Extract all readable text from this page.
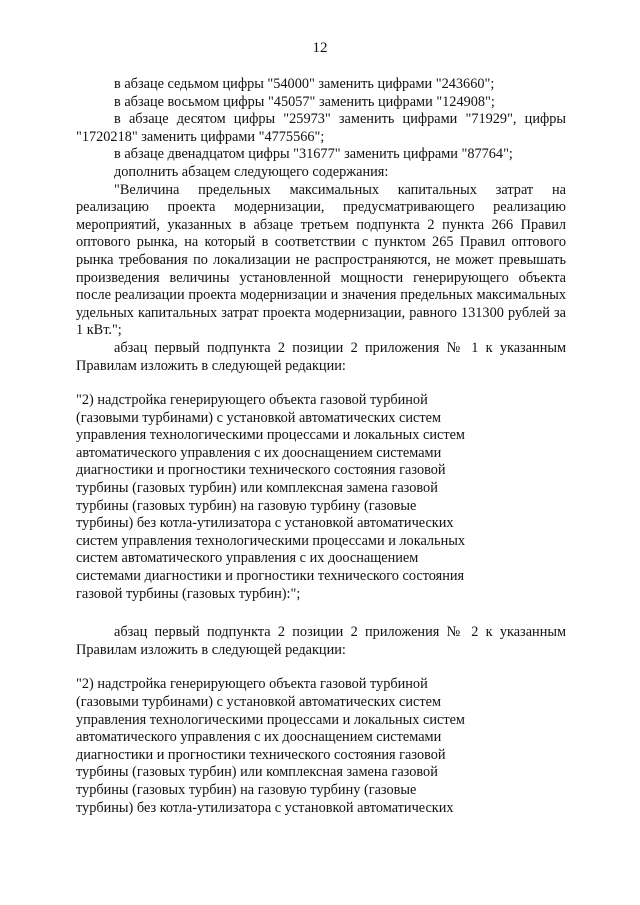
12

в абзаце седьмом цифры "54000" заменить цифрами "243660";

в абзаце восьмом цифры "45057" заменить цифрами "124908";

в абзаце десятом цифры "25973" заменить цифрами "71929", цифры "1720218" заменить цифрами "4775566";

в абзаце двенадцатом цифры "31677" заменить цифрами "87764";

дополнить абзацем следующего содержания:

"Величина предельных максимальных капитальных затрат на реализацию проекта модернизации, предусматривающего реализацию мероприятий, указанных в абзаце третьем подпункта 2 пункта 266 Правил оптового рынка, на который в соответствии с пунктом 265 Правил оптового рынка требования по локализации не распространяются, не может превышать произведения величины установленной мощности генерирующего объекта после реализации проекта модернизации и значения предельных максимальных удельных капитальных затрат проекта модернизации, равного 131300 рублей за 1 кВт.";

абзац первый подпункта 2 позиции 2 приложения № 1 к указанным Правилам изложить в следующей редакции:

"2) надстройка генерирующего объекта газовой турбиной
(газовыми турбинами) с установкой автоматических систем
управления технологическими процессами и локальных систем
автоматического управления с их дооснащением системами
диагностики и прогностики технического состояния газовой
турбины (газовых турбин) или комплексная замена газовой
турбины (газовых турбин) на газовую турбину (газовые
турбины) без котла-утилизатора с установкой автоматических
систем управления технологическими процессами и локальных
систем автоматического управления с их дооснащением
системами диагностики и прогностики технического состояния
газовой турбины (газовых турбин):";

абзац первый подпункта 2 позиции 2 приложения № 2 к указанным Правилам изложить в следующей редакции:

"2) надстройка генерирующего объекта газовой турбиной
(газовыми турбинами) с установкой автоматических систем
управления технологическими процессами и локальных систем
автоматического управления с их дооснащением системами
диагностики и прогностики технического состояния газовой
турбины (газовых турбин) или комплексная замена газовой
турбины (газовых турбин) на газовую турбину (газовые
турбины) без котла-утилизатора с установкой автоматических
